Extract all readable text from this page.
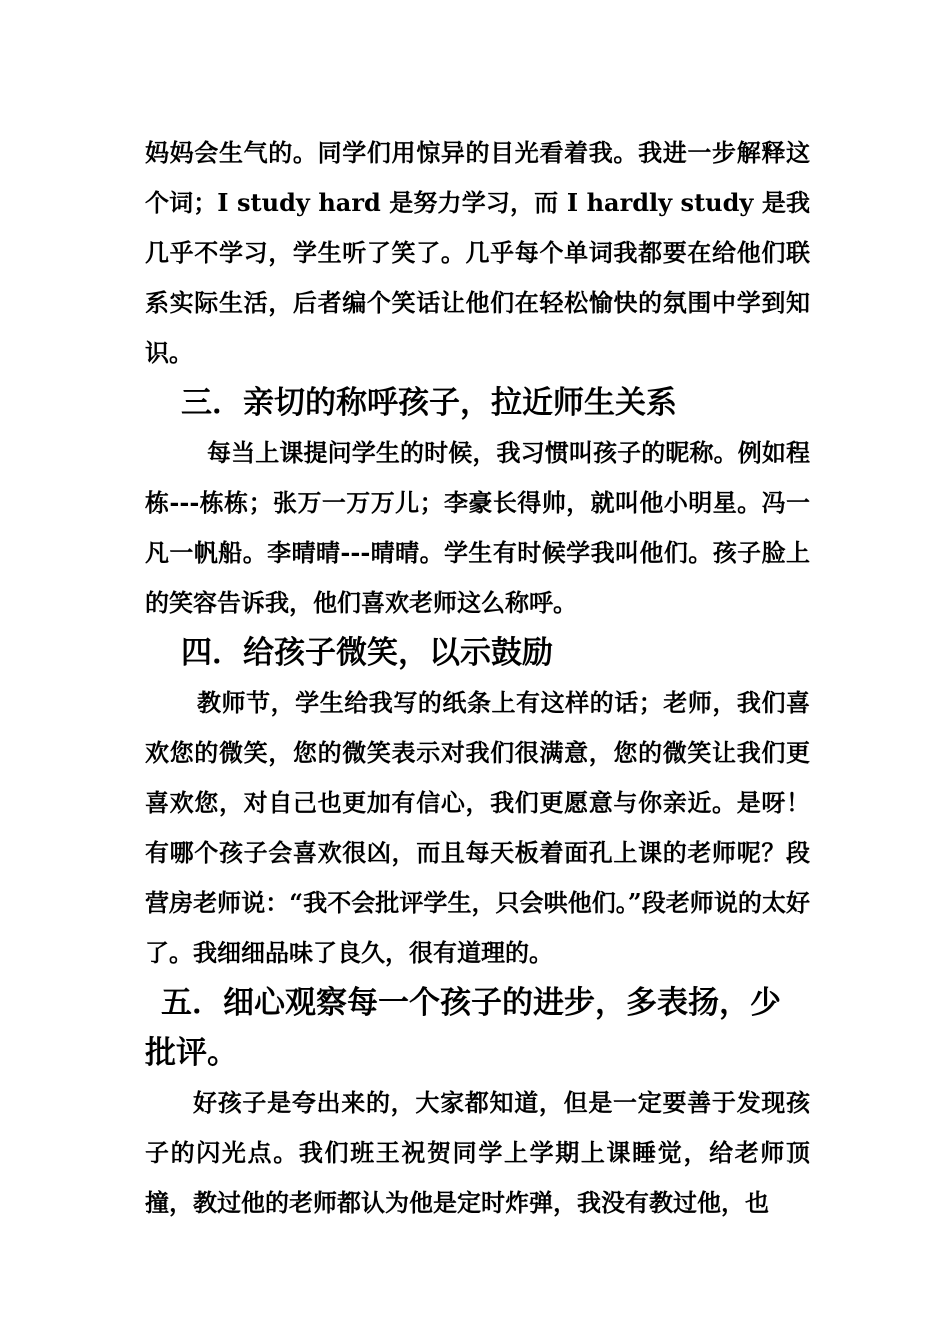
妈妈会生气的。同学们用惊异的目光看着我。我进一步解释这个词；I study hard 是努力学习，而 I hardly study 是我几乎不学习，学生听了笑了。几乎每个单词我都要在给他们联系实际生活，后者编个笑话让他们在轻松愉快的氛围中学到知识。

三．亲切的称呼孩子，拉近师生关系

每当上课提问学生的时候，我习惯叫孩子的昵称。例如程栋---栋栋；张万一万万儿；李豪长得帅，就叫他小明星。冯一凡一帆船。李晴晴---晴晴。学生有时候学我叫他们。孩子脸上的笑容告诉我，他们喜欢老师这么称呼。

四．给孩子微笑，以示鼓励

教师节，学生给我写的纸条上有这样的话；老师，我们喜欢您的微笑，您的微笑表示对我们很满意，您的微笑让我们更喜欢您，对自己也更加有信心，我们更愿意与你亲近。是呀！有哪个孩子会喜欢很凶，而且每天板着面孔上课的老师呢？段营房老师说：“我不会批评学生，只会哄他们。”段老师说的太好了。我细细品味了良久，很有道理的。

五．细心观察每一个孩子的进步，多表扬，少批评。

好孩子是夸出来的，大家都知道，但是一定要善于发现孩子的闪光点。我们班王祝贺同学上学期上课睡觉，给老师顶撞，教过他的老师都认为他是定时炸弹，我没有教过他，也
